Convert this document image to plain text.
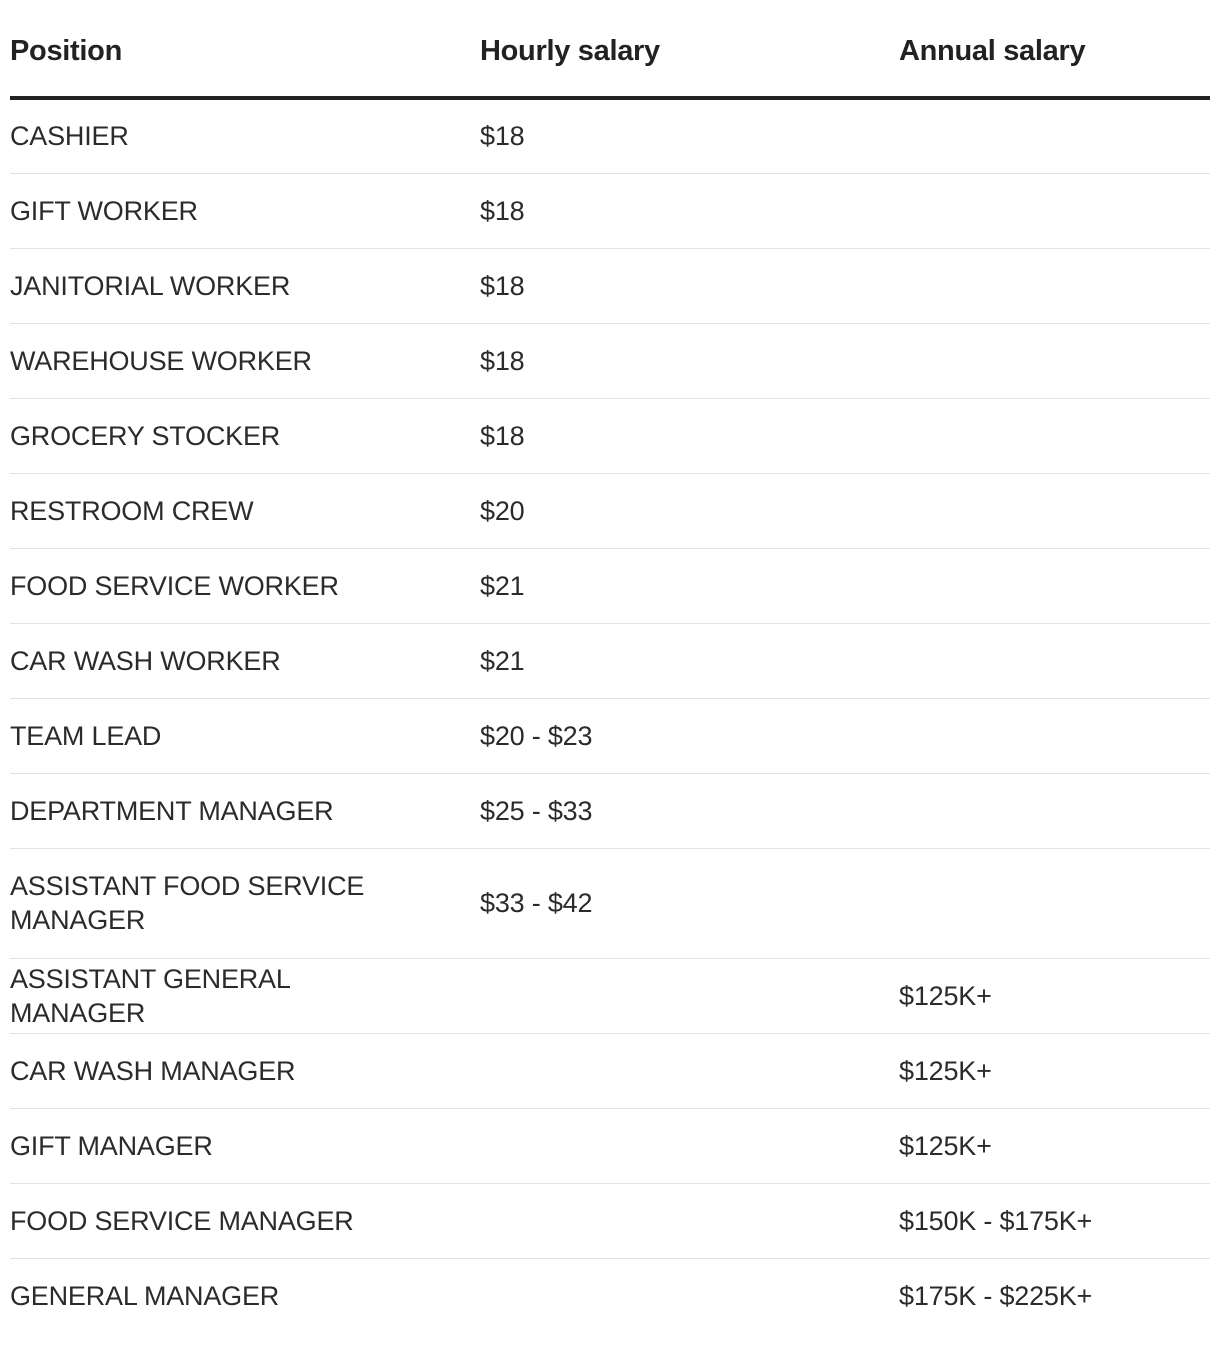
Position	Hourly salary	Annual salary
CASHIER	$18	
GIFT WORKER	$18	
JANITORIAL WORKER	$18	
WAREHOUSE WORKER	$18	
GROCERY STOCKER	$18	
RESTROOM CREW	$20	
FOOD SERVICE WORKER	$21	
CAR WASH WORKER	$21	
TEAM LEAD	$20 - $23	
DEPARTMENT MANAGER	$25 - $33	
ASSISTANT FOOD SERVICE MANAGER	$33 - $42	
ASSISTANT GENERAL MANAGER		$125K+
CAR WASH MANAGER		$125K+
GIFT MANAGER		$125K+
FOOD SERVICE MANAGER		$150K - $175K+
GENERAL MANAGER		$175K - $225K+
